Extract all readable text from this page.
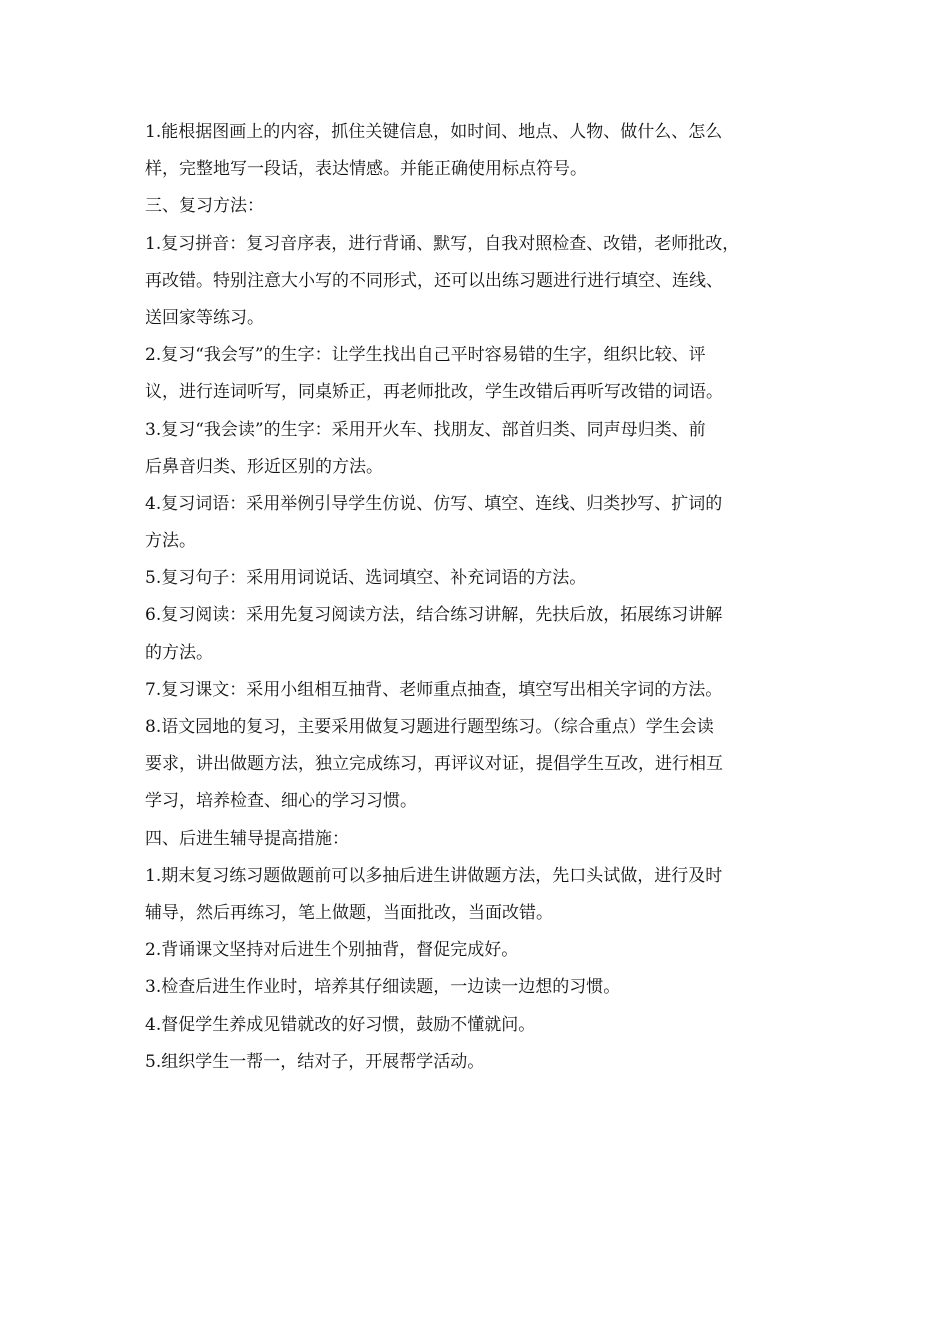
1.能根据图画上的内容，抓住关键信息，如时间、地点、人物、做什么、怎么
样，完整地写一段话，表达情感。并能正确使用标点符号。
三、复习方法：
1.复习拼音：复习音序表，进行背诵、默写，自我对照检查、改错，老师批改，
再改错。特别注意大小写的不同形式，还可以出练习题进行进行填空、连线、
送回家等练习。
2.复习“我会写”的生字：让学生找出自己平时容易错的生字，组织比较、评
议，进行连词听写，同桌矫正，再老师批改，学生改错后再听写改错的词语。
3.复习“我会读”的生字：采用开火车、找朋友、部首归类、同声母归类、前
后鼻音归类、形近区别的方法。
4.复习词语：采用举例引导学生仿说、仿写、填空、连线、归类抄写、扩词的
方法。
5.复习句子：采用用词说话、选词填空、补充词语的方法。
6.复习阅读：采用先复习阅读方法，结合练习讲解，先扶后放，拓展练习讲解
的方法。
7.复习课文：采用小组相互抽背、老师重点抽查，填空写出相关字词的方法。
8.语文园地的复习，主要采用做复习题进行题型练习。（综合重点）学生会读
要求，讲出做题方法，独立完成练习，再评议对证，提倡学生互改，进行相互
学习，培养检查、细心的学习习惯。
四、后进生辅导提高措施：
1.期末复习练习题做题前可以多抽后进生讲做题方法，先口头试做，进行及时
辅导，然后再练习，笔上做题，当面批改，当面改错。
2.背诵课文坚持对后进生个别抽背，督促完成好。
3.检查后进生作业时，培养其仔细读题，一边读一边想的习惯。
4.督促学生养成见错就改的好习惯，鼓励不懂就问。
5.组织学生一帮一，结对子，开展帮学活动。
